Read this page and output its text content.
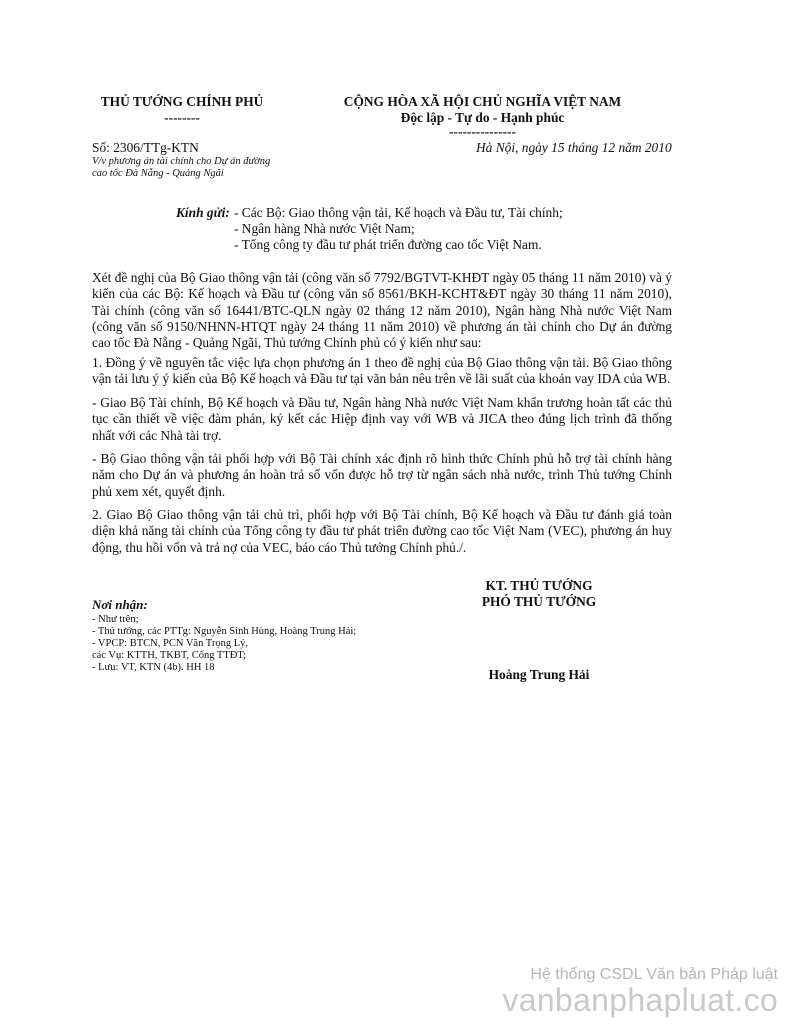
THỦ TƯỚNG CHÍNH PHỦ
--------
CỘNG HÒA XÃ HỘI CHỦ NGHĨA VIỆT NAM
Độc lập - Tự do - Hạnh phúc
---------------
Số: 2306/TTg-KTN
V/v phương án tài chính cho Dự án đường
cao tốc Đà Nẵng - Quảng Ngãi
Hà Nội, ngày 15 tháng 12 năm 2010
Kính gửi: - Các Bộ: Giao thông vận tải, Kế hoạch và Đầu tư, Tài chính;
- Ngân hàng Nhà nước Việt Nam;
- Tổng công ty đầu tư phát triển đường cao tốc Việt Nam.

Xét đề nghị của Bộ Giao thông vận tải (công văn số 7792/BGTVT-KHĐT ngày 05 tháng 11 năm 2010) và ý kiến của các Bộ: Kế hoạch và Đầu tư (công văn số 8561/BKH-KCHT&ĐT ngày 30 tháng 11 năm 2010), Tài chính (công văn số 16441/BTC-QLN ngày 02 tháng 12 năm 2010), Ngân hàng Nhà nước Việt Nam (công văn số 9150/NHNN-HTQT ngày 24 tháng 11 năm 2010) về phương án tài chính cho Dự án đường cao tốc Đà Nẵng - Quảng Ngãi, Thủ tướng Chính phủ có ý kiến như sau:

1. Đồng ý về nguyên tắc việc lựa chọn phương án 1 theo đề nghị của Bộ Giao thông vận tải. Bộ Giao thông vận tải lưu ý ý kiến của Bộ Kế hoạch và Đầu tư tại văn bản nêu trên về lãi suất của khoản vay IDA của WB.

- Giao Bộ Tài chính, Bộ Kế hoạch và Đầu tư, Ngân hàng Nhà nước Việt Nam khẩn trương hoàn tất các thủ tục cần thiết về việc đàm phán, ký kết các Hiệp định vay với WB và JICA theo đúng lịch trình đã thống nhất với các Nhà tài trợ.

- Bộ Giao thông vận tải phối hợp với Bộ Tài chính xác định rõ hình thức Chính phủ hỗ trợ tài chính hàng năm cho Dự án và phương án hoàn trả số vốn được hỗ trợ từ ngân sách nhà nước, trình Thủ tướng Chính phủ xem xét, quyết định.

2. Giao Bộ Giao thông vận tải chủ trì, phối hợp với Bộ Tài chính, Bộ Kế hoạch và Đầu tư đánh giá toàn diện khả năng tài chính của Tổng công ty đầu tư phát triển đường cao tốc Việt Nam (VEC), phương án huy động, thu hồi vốn và trả nợ của VEC, báo cáo Thủ tướng Chính phủ./.

KT. THỦ TƯỚNG
PHÓ THỦ TƯỚNG
Hoàng Trung Hải
Nơi nhận:
- Như trên;
- Thủ tướng, các PTTg: Nguyễn Sinh Hùng, Hoàng Trung Hải;
- VPCP: BTCN, PCN Văn Trọng Lý,
các Vụ: KTTH, TKBT, Cổng TTĐT;
- Lưu: VT, KTN (4b). HH 18
Hệ thống CSDL Văn bản Pháp luật
vanbanphapluat.co
